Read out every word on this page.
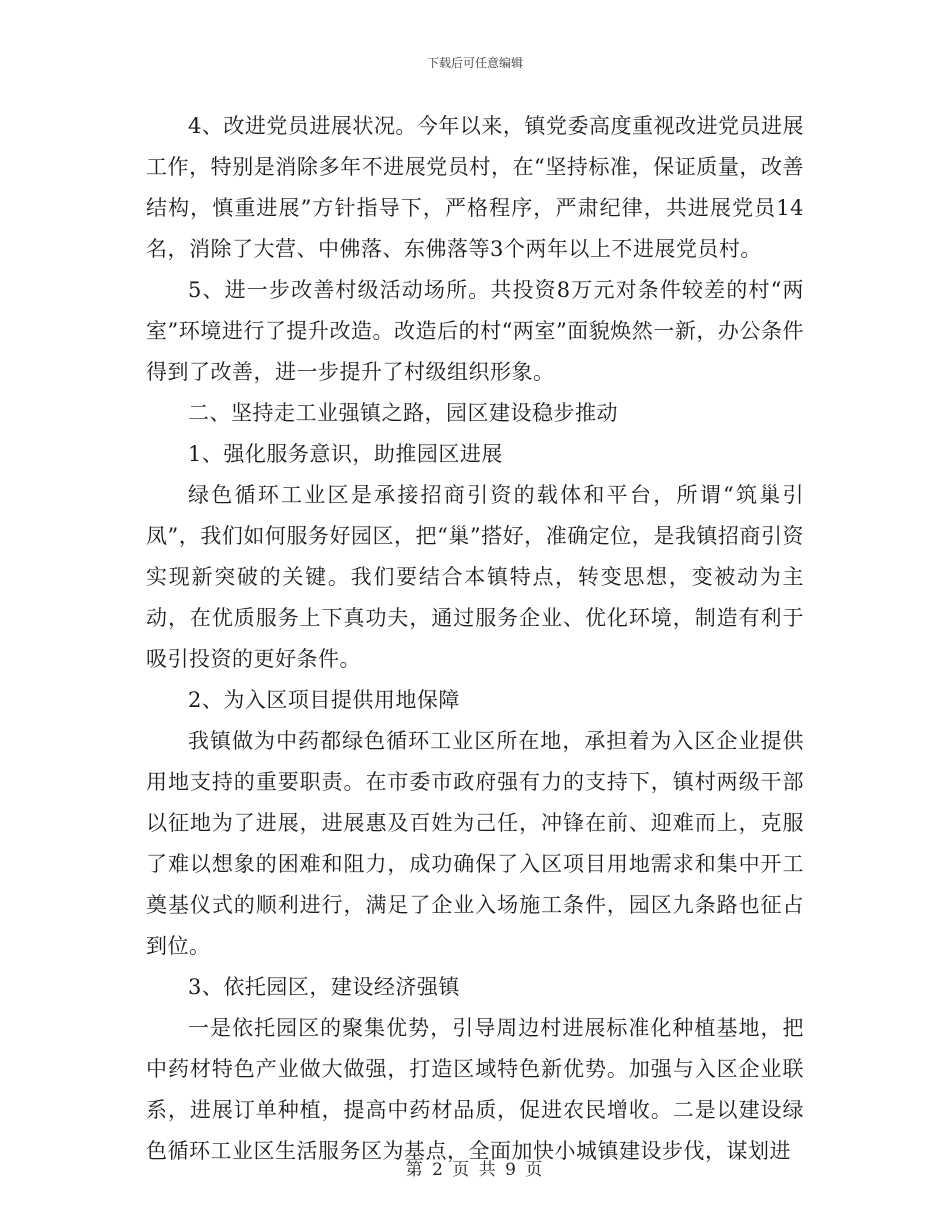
下载后可任意编辑

4、改进党员进展状况。今年以来，镇党委高度重视改进党员进展工作，特别是消除多年不进展党员村，在“坚持标准，保证质量，改善结构，慎重进展”方针指导下，严格程序，严肃纪律，共进展党员14名，消除了大营、中佛落、东佛落等3个两年以上不进展党员村。

5、进一步改善村级活动场所。共投资8万元对条件较差的村“两室”环境进行了提升改造。改造后的村“两室”面貌焕然一新，办公条件得到了改善，进一步提升了村级组织形象。

二、坚持走工业强镇之路，园区建设稳步推动

1、强化服务意识，助推园区进展

绿色循环工业区是承接招商引资的载体和平台，所谓“筑巢引凤”，我们如何服务好园区，把“巢”搭好，准确定位，是我镇招商引资实现新突破的关键。我们要结合本镇特点，转变思想，变被动为主动，在优质服务上下真功夫，通过服务企业、优化环境，制造有利于吸引投资的更好条件。

2、为入区项目提供用地保障

我镇做为中药都绿色循环工业区所在地，承担着为入区企业提供用地支持的重要职责。在市委市政府强有力的支持下，镇村两级干部以征地为了进展，进展惠及百姓为己任，冲锋在前、迎难而上，克服了难以想象的困难和阻力，成功确保了入区项目用地需求和集中开工奠基仪式的顺利进行，满足了企业入场施工条件，园区九条路也征占到位。

3、依托园区，建设经济强镇

一是依托园区的聚集优势，引导周边村进展标准化种植基地，把中药材特色产业做大做强，打造区域特色新优势。加强与入区企业联系，进展订单种植，提高中药材品质，促进农民增收。二是以建设绿色循环工业区生活服务区为基点，全面加快小城镇建设步伐，谋划进

第 2 页 共 9 页
